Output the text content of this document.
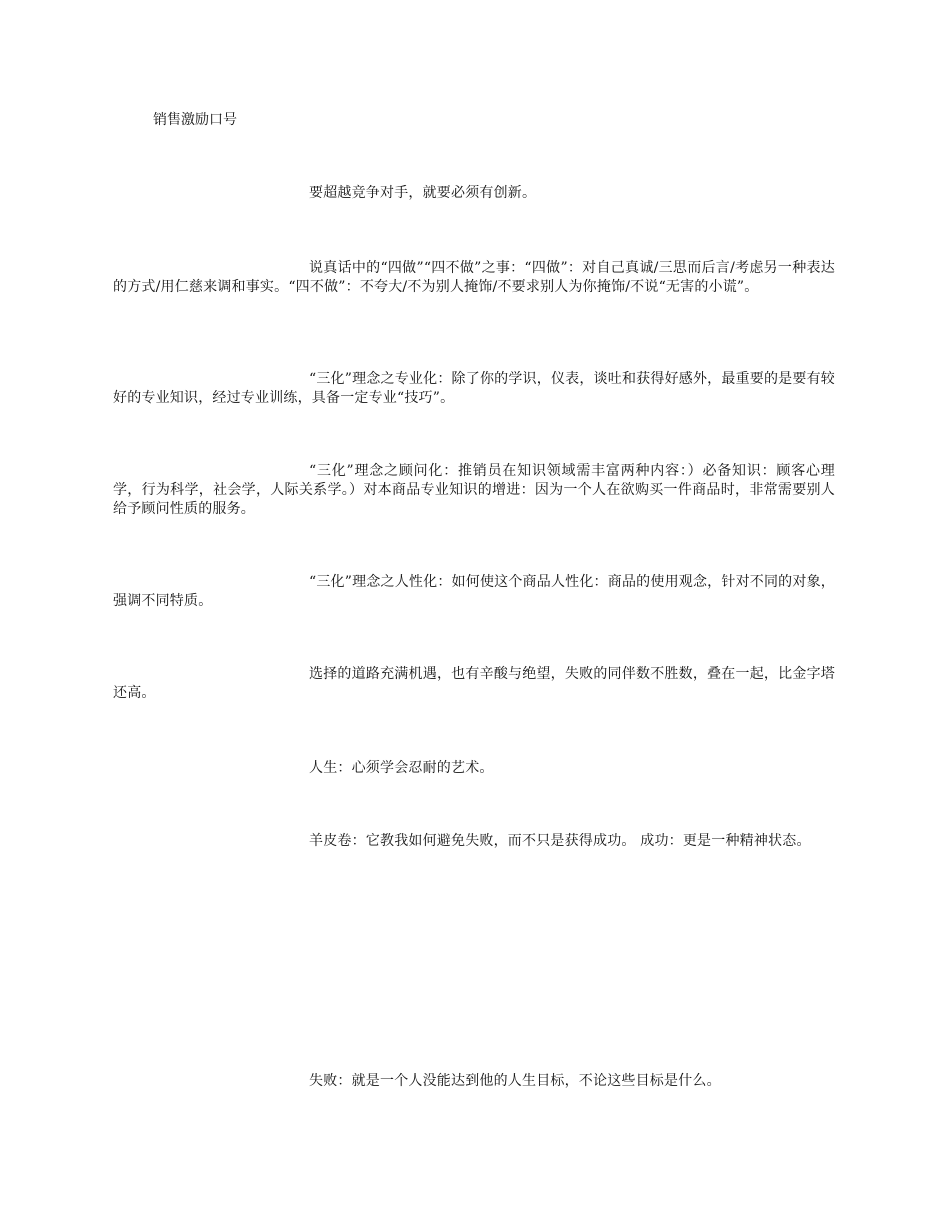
销售激励口号

要超越竞争对手，就要必须有创新。

说真话中的“四做”“四不做”之事：“四做”：对自己真诚/三思而后言/考虑另一种表达的方式/用仁慈来调和事实。“四不做”：不夸大/不为别人掩饰/不要求别人为你掩饰/不说“无害的小谎”。

“三化”理念之专业化：除了你的学识，仪表，谈吐和获得好感外，最重要的是要有较好的专业知识，经过专业训练，具备一定专业“技巧”。

“三化”理念之顾问化：推销员在知识领域需丰富两种内容：）必备知识：顾客心理学，行为科学，社会学，人际关系学。）对本商品专业知识的增进：因为一个人在欲购买一件商品时，非常需要别人给予顾问性质的服务。

“三化”理念之人性化：如何使这个商品人性化：商品的使用观念，针对不同的对象，强调不同特质。

选择的道路充满机遇，也有辛酸与绝望，失败的同伴数不胜数，叠在一起，比金字塔还高。

人生：心须学会忍耐的艺术。

羊皮卷：它教我如何避免失败，而不只是获得成功。 成功：更是一种精神状态。

失败：就是一个人没能达到他的人生目标，不论这些目标是什么。
